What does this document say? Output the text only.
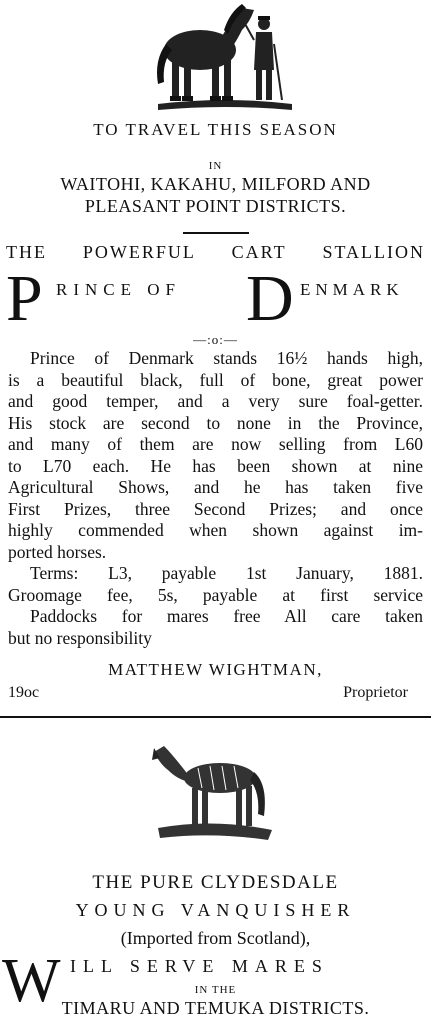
TO TRAVEL THIS SEASON
IN
WAITOHI, KAKAHU, MILFORD AND
PLEASANT POINT DISTRICTS.
THE POWERFUL CART STALLION
P RINCE OF D ENMARK
—:o:—

Prince of Denmark stands 16½ hands high,

is a beautiful black, full of bone, great power

and good temper, and a very sure foal-getter.

His stock are second to none in the Province,

and many of them are now selling from L60

to L70 each. He has been shown at nine

Agricultural Shows, and he has taken five

First Prizes, three Second Prizes; and once

highly commended when shown against im-

ported horses.

Terms: L3, payable 1st January, 1881.

Groomage fee, 5s, payable at first service

Paddocks for mares free All care taken

but no responsibility

MATTHEW WIGHTMAN,
19oc	Proprietor
THE PURE CLYDESDALE
YOUNG VANQUISHER
(Imported from Scotland),
W ILL SERVE MARES
IN THE
TIMARU AND TEMUKA DISTRICTS.
